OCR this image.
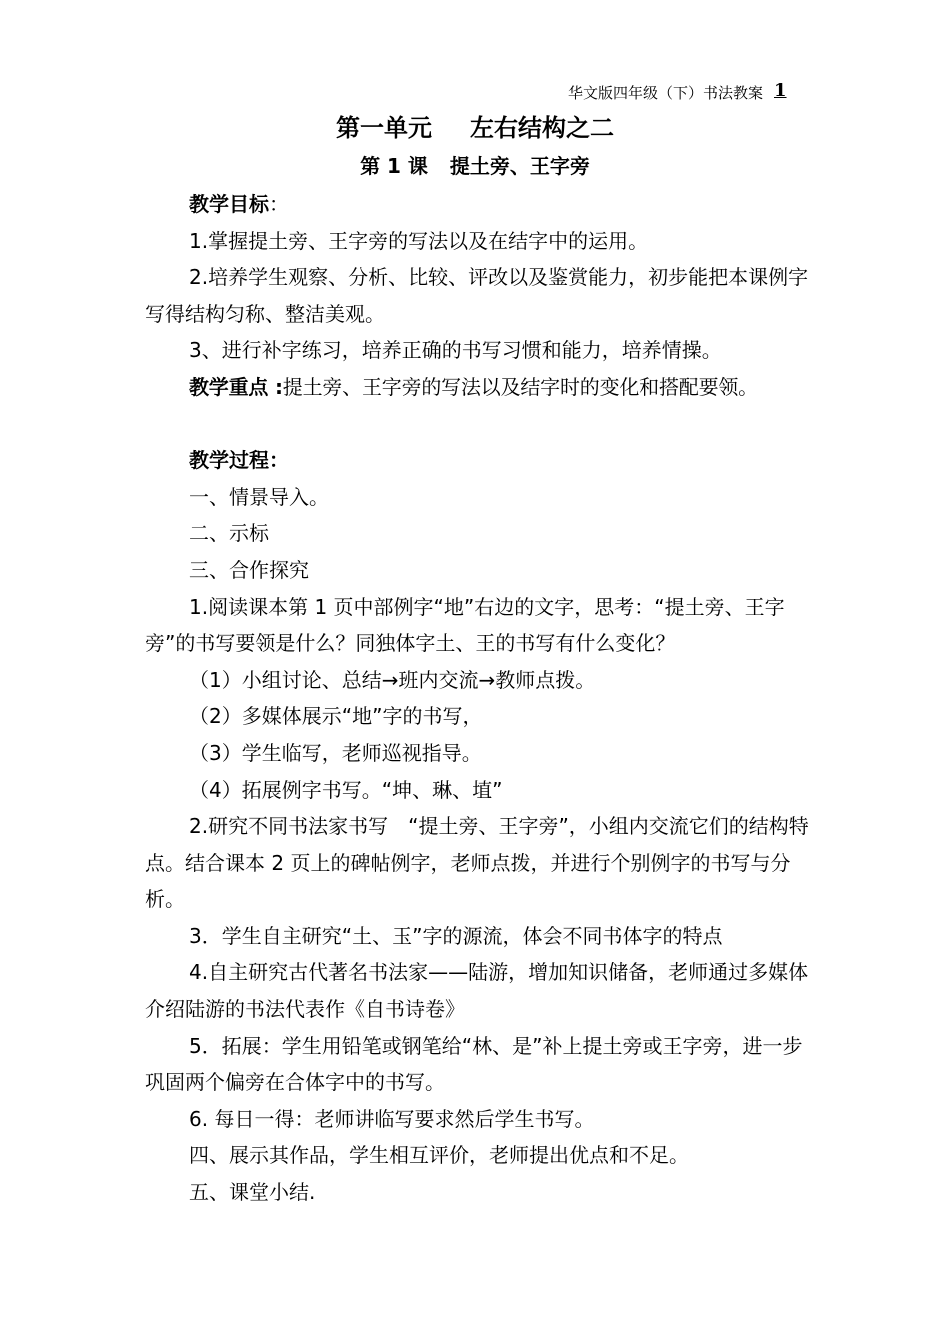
华文版四年级（下）书法教案 1
第一单元 左右结构之二
第 1 课 提土旁、王字旁

教学目标：

1.掌握提土旁、王字旁的写法以及在结字中的运用。

2.培养学生观察、分析、比较、评改以及鉴赏能力，初步能把本课例字写得结构匀称、整洁美观。

3、进行补字练习，培养正确的书写习惯和能力，培养情操。

教学重点 :提土旁、王字旁的写法以及结字时的变化和搭配要领。

教学过程：

一、情景导入。

二、示标

三、合作探究

1.阅读课本第 1 页中部例字“地”右边的文字，思考：“提土旁、王字旁”的书写要领是什么？同独体字土、王的书写有什么变化？

（1）小组讨论、总结→班内交流→教师点拨。

（2）多媒体展示“地”字的书写，

（3）学生临写，老师巡视指导。

（4）拓展例字书写。“坤、琳、埴”

2.研究不同书法家书写　“提土旁、王字旁”，小组内交流它们的结构特点。结合课本 2 页上的碑帖例字，老师点拨，并进行个别例字的书写与分析。

3．学生自主研究“土、玉”字的源流，体会不同书体字的特点

4.自主研究古代著名书法家——陆游，增加知识储备，老师通过多媒体介绍陆游的书法代表作《自书诗卷》

5．拓展：学生用铅笔或钢笔给“林、是”补上提土旁或王字旁，进一步巩固两个偏旁在合体字中的书写。

6. 每日一得：老师讲临写要求然后学生书写。

四、展示其作品，学生相互评价，老师提出优点和不足。

五、课堂小结.
